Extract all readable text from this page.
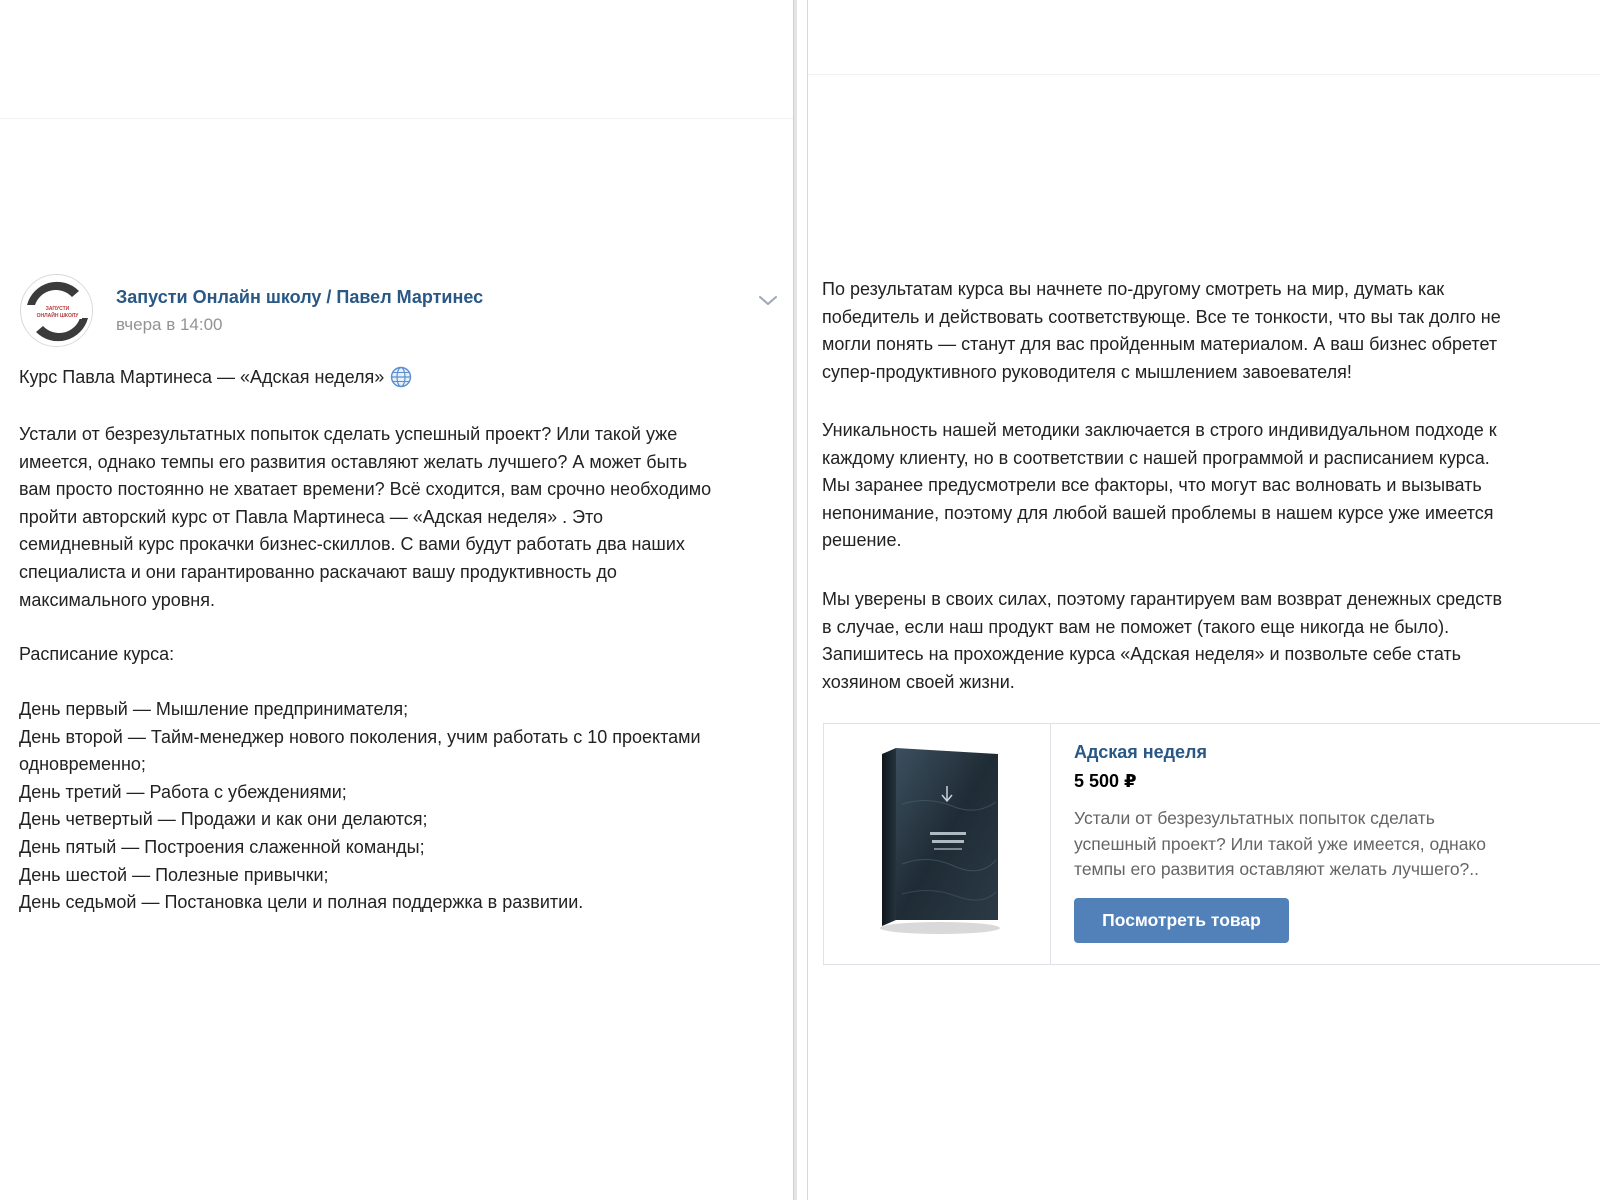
ЗАПУСТИ
ОНЛАЙН ШКОЛУ
Запусти Онлайн школу / Павел Мартинес
вчера в 14:00
Курс Павла Мартинеса — «Адская неделя»
Устали от безрезультатных попыток сделать успешный проект? Или такой уже
имеется, однако темпы его развития оставляют желать лучшего? А может быть
вам просто постоянно не хватает времени? Всё сходится, вам срочно необходимо
пройти авторский курс от Павла Мартинеса — «Адская неделя» . Это
семидневный курс прокачки бизнес-скиллов. С вами будут работать два наших
специалиста и они гарантированно раскачают вашу продуктивность до
максимального уровня.
Расписание курса:
День первый — Мышление предпринимателя;
День второй — Тайм-менеджер нового поколения, учим работать с 10 проектами
одновременно;
День третий — Работа с убеждениями;
День четвертый — Продажи и как они делаются;
День пятый — Построения слаженной команды;
День шестой — Полезные привычки;
День седьмой — Постановка цели и полная поддержка в развитии.
По результатам курса вы начнете по-другому смотреть на мир, думать как
победитель и действовать соответствующе. Все те тонкости, что вы так долго не
могли понять — станут для вас пройденным материалом. А ваш бизнес обретет
супер-продуктивного руководителя с мышлением завоевателя!
Уникальность нашей методики заключается в строго индивидуальном подходе к
каждому клиенту, но в соответствии с нашей программой и расписанием курса.
Мы заранее предусмотрели все факторы, что могут вас волновать и вызывать
непонимание, поэтому для любой вашей проблемы в нашем курсе уже имеется
решение.
Мы уверены в своих силах, поэтому гарантируем вам возврат денежных средств
в случае, если наш продукт вам не поможет (такого еще никогда не было).
Запишитесь на прохождение курса «Адская неделя» и позвольте себе стать
хозяином своей жизни.
Адская неделя
5 500 ₽
Устали от безрезультатных попыток сделать
успешный проект? Или такой уже имеется, однако
темпы его развития оставляют желать лучшего?..
Посмотреть товар
